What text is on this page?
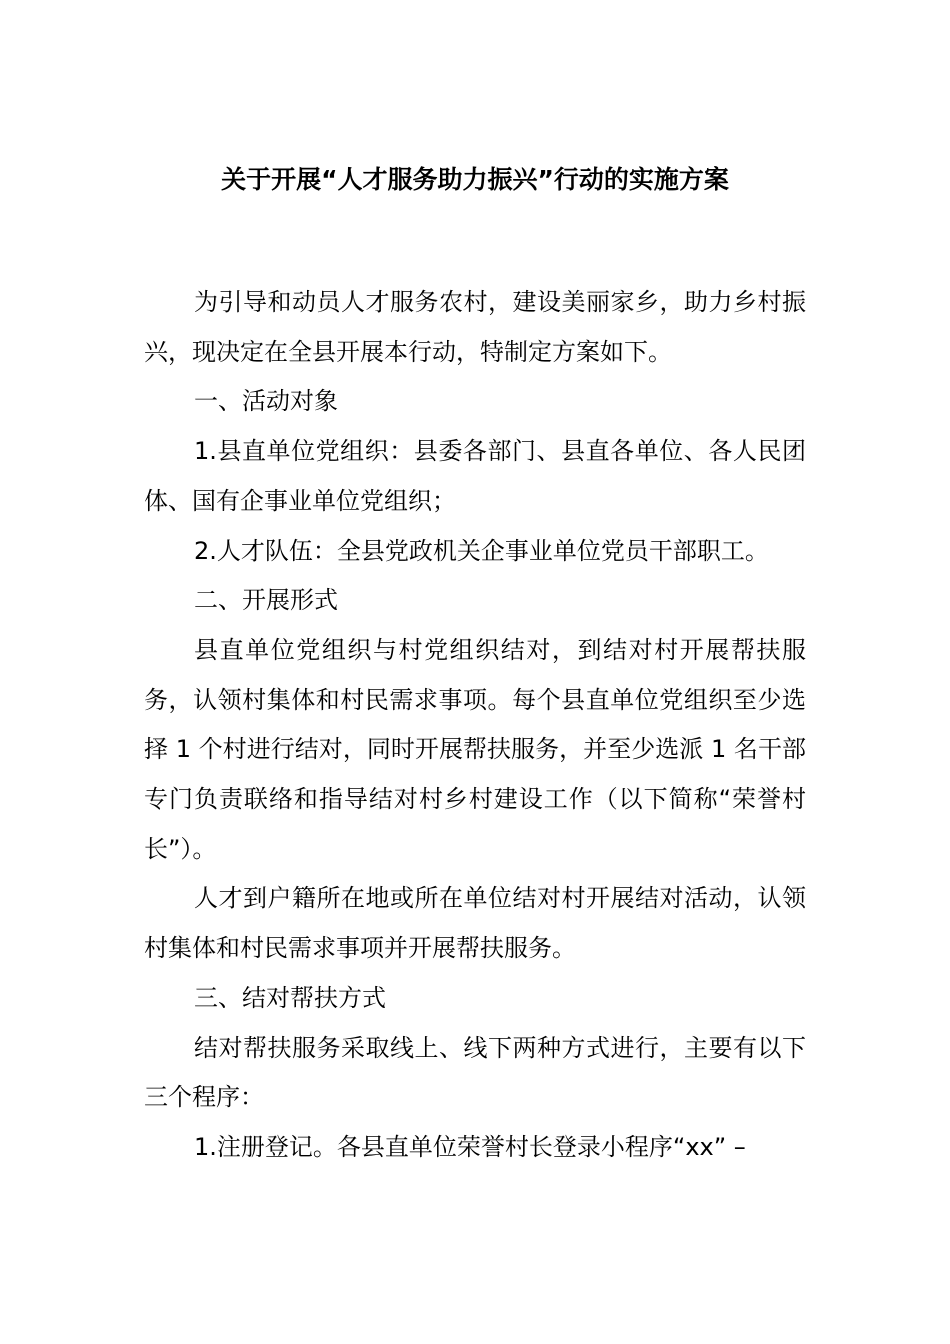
关于开展“人才服务助力振兴”行动的实施方案

为引导和动员人才服务农村，建设美丽家乡，助力乡村振兴，现决定在全县开展本行动，特制定方案如下。

一、活动对象

1.县直单位党组织：县委各部门、县直各单位、各人民团体、国有企事业单位党组织；

2.人才队伍：全县党政机关企事业单位党员干部职工。

二、开展形式

县直单位党组织与村党组织结对，到结对村开展帮扶服务，认领村集体和村民需求事项。每个县直单位党组织至少选择 1 个村进行结对，同时开展帮扶服务，并至少选派 1 名干部专门负责联络和指导结对村乡村建设工作（以下简称“荣誉村长”）。

人才到户籍所在地或所在单位结对村开展结对活动，认领村集体和村民需求事项并开展帮扶服务。

三、结对帮扶方式

结对帮扶服务采取线上、线下两种方式进行，主要有以下三个程序：

1.注册登记。各县直单位荣誉村长登录小程序“xx” –
